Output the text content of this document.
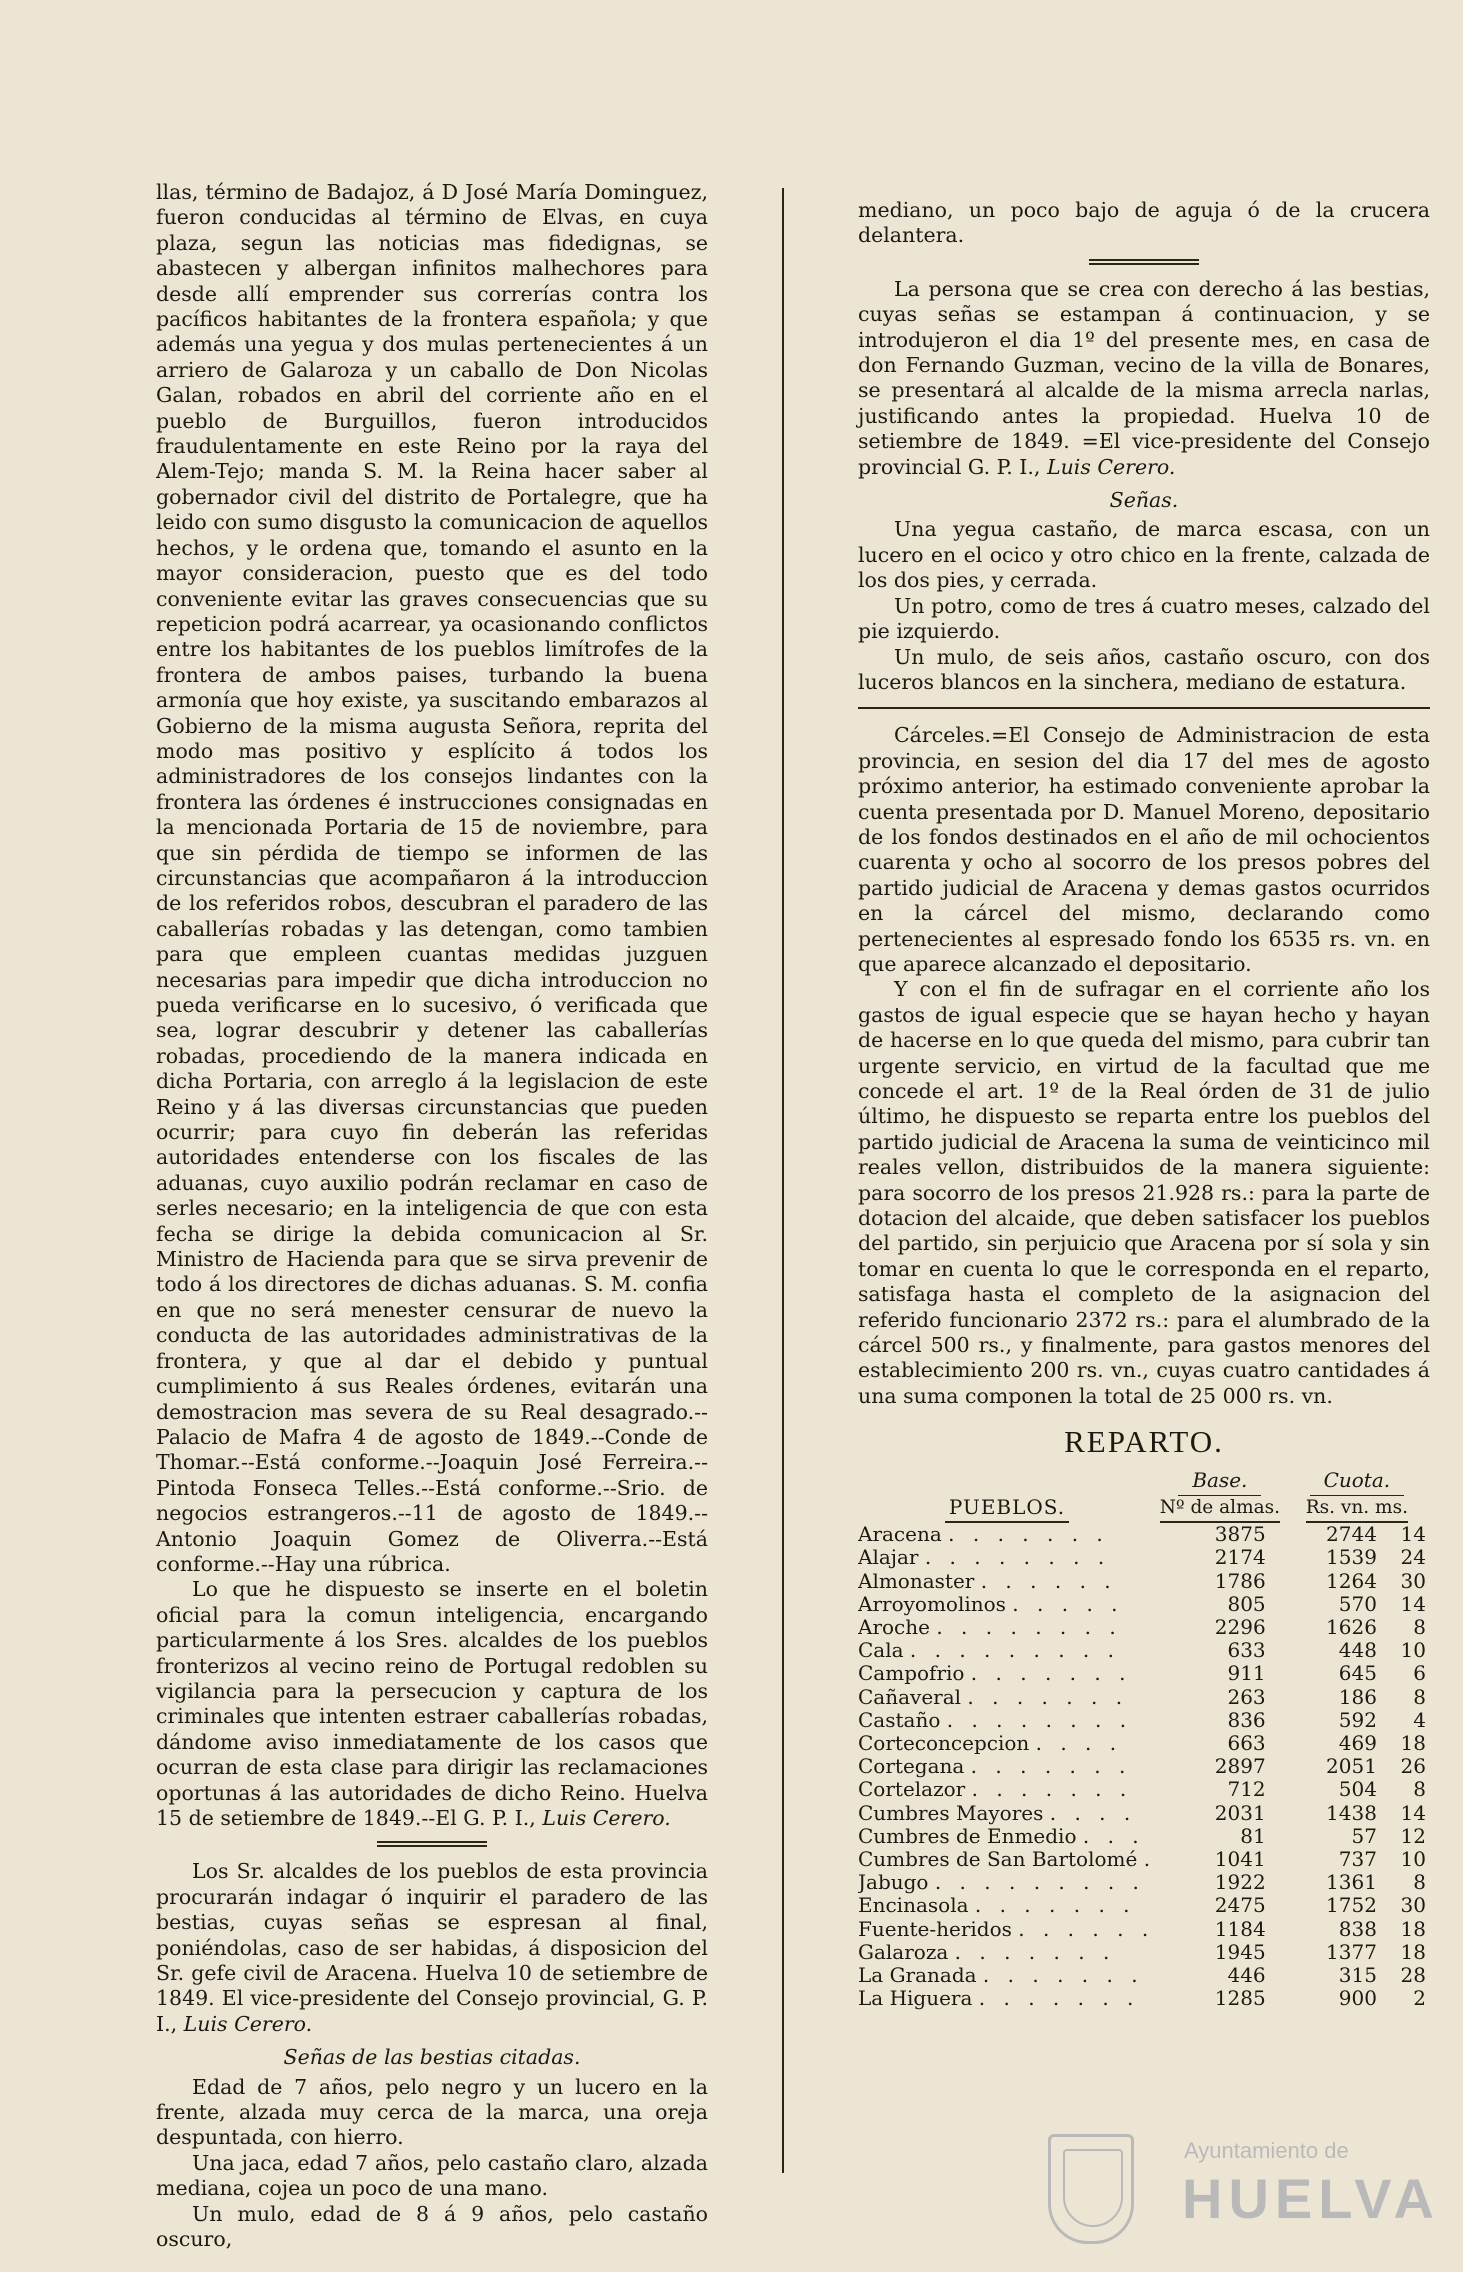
llas, término de Badajoz, á D José María Dominguez, fueron conducidas al término de Elvas, en cuya plaza, segun las noticias mas fidedignas, se abastecen y albergan infinitos malhechores para desde allí emprender sus correrías contra los pacíficos habitantes de la frontera española; y que además una yegua y dos mulas pertenecientes á un arriero de Galaroza y un caballo de Don Nicolas Galan, robados en abril del corriente año en el pueblo de Burguillos, fueron introducidos fraudulentamente en este Reino por la raya del Alem-Tejo; manda S. M. la Reina hacer saber al gobernador civil del distrito de Portalegre, que ha leido con sumo disgusto la comunicacion de aquellos hechos, y le ordena que, tomando el asunto en la mayor consideracion, puesto que es del todo conveniente evitar las graves consecuencias que su repeticion podrá acarrear, ya ocasionando conflictos entre los habitantes de los pueblos limítrofes de la frontera de ambos paises, turbando la buena armonía que hoy existe, ya suscitando embarazos al Gobierno de la misma augusta Señora, reprita del modo mas positivo y esplícito á todos los administradores de los consejos lindantes con la frontera las órdenes é instrucciones consignadas en la mencionada Portaria de 15 de noviembre, para que sin pérdida de tiempo se informen de las circunstancias que acompañaron á la introduccion de los referidos robos, descubran el paradero de las caballerías robadas y las detengan, como tambien para que empleen cuantas medidas juzguen necesarias para impedir que dicha introduccion no pueda verificarse en lo sucesivo, ó verificada que sea, lograr descubrir y detener las caballerías robadas, procediendo de la manera indicada en dicha Portaria, con arreglo á la legislacion de este Reino y á las diversas circunstancias que pueden ocurrir; para cuyo fin deberán las referidas autoridades entenderse con los fiscales de las aduanas, cuyo auxilio podrán reclamar en caso de serles necesario; en la inteligencia de que con esta fecha se dirige la debida comunicacion al Sr. Ministro de Hacienda para que se sirva prevenir de todo á los directores de dichas aduanas. S. M. confia en que no será menester censurar de nuevo la conducta de las autoridades administrativas de la frontera, y que al dar el debido y puntual cumplimiento á sus Reales órdenes, evitarán una demostracion mas severa de su Real desagrado.--Palacio de Mafra 4 de agosto de 1849.--Conde de Thomar.--Está conforme.--Joaquin José Ferreira.--Pintoda Fonseca Telles.--Está conforme.--Srio. de negocios estrangeros.--11 de agosto de 1849.--Antonio Joaquin Gomez de Oliverra.--Está conforme.--Hay una rúbrica.

Lo que he dispuesto se inserte en el boletin oficial para la comun inteligencia, encargando particularmente á los Sres. alcaldes de los pueblos fronterizos al vecino reino de Portugal redoblen su vigilancia para la persecucion y captura de los criminales que intenten estraer caballerías robadas, dándome aviso inmediatamente de los casos que ocurran de esta clase para dirigir las reclamaciones oportunas á las autoridades de dicho Reino. Huelva 15 de setiembre de 1849.--El G. P. I., Luis Cerero.

Los Sr. alcaldes de los pueblos de esta provincia procurarán indagar ó inquirir el paradero de las bestias, cuyas señas se espresan al final, poniéndolas, caso de ser habidas, á disposicion del Sr. gefe civil de Aracena. Huelva 10 de setiembre de 1849. El vice-presidente del Consejo provincial, G. P. I., Luis Cerero.

Señas de las bestias citadas.

Edad de 7 años, pelo negro y un lucero en la frente, alzada muy cerca de la marca, una oreja despuntada, con hierro.

Una jaca, edad 7 años, pelo castaño claro, alzada mediana, cojea un poco de una mano.

Un mulo, edad de 8 á 9 años, pelo castaño oscuro,

mediano, un poco bajo de aguja ó de la crucera delantera.

La persona que se crea con derecho á las bestias, cuyas señas se estampan á continuacion, y se introdujeron el dia 1º del presente mes, en casa de don Fernando Guzman, vecino de la villa de Bonares, se presentará al alcalde de la misma arrecla narlas, justificando antes la propiedad. Huelva 10 de setiembre de 1849. =El vice-presidente del Consejo provincial G. P. I., Luis Cerero.

Señas.

Una yegua castaño, de marca escasa, con un lucero en el ocico y otro chico en la frente, calzada de los dos pies, y cerrada.

Un potro, como de tres á cuatro meses, calzado del pie izquierdo.

Un mulo, de seis años, castaño oscuro, con dos luceros blancos en la sinchera, mediano de estatura.

Cárceles.=El Consejo de Administracion de esta provincia, en sesion del dia 17 del mes de agosto próximo anterior, ha estimado conveniente aprobar la cuenta presentada por D. Manuel Moreno, depositario de los fondos destinados en el año de mil ochocientos cuarenta y ocho al socorro de los presos pobres del partido judicial de Aracena y demas gastos ocurridos en la cárcel del mismo, declarando como pertenecientes al espresado fondo los 6535 rs. vn. en que aparece alcanzado el depositario.

Y con el fin de sufragar en el corriente año los gastos de igual especie que se hayan hecho y hayan de hacerse en lo que queda del mismo, para cubrir tan urgente servicio, en virtud de la facultad que me concede el art. 1º de la Real órden de 31 de julio último, he dispuesto se reparta entre los pueblos del partido judicial de Aracena la suma de veinticinco mil reales vellon, distribuidos de la manera siguiente: para socorro de los presos 21.928 rs.: para la parte de dotacion del alcaide, que deben satisfacer los pueblos del partido, sin perjuicio que Aracena por sí sola y sin tomar en cuenta lo que le corresponda en el reparto, satisfaga hasta el completo de la asignacion del referido funcionario 2372 rs.: para el alumbrado de la cárcel 500 rs., y finalmente, para gastos menores del establecimiento 200 rs. vn., cuyas cuatro cantidades á una suma componen la total de 25 000 rs. vn.

REPARTO.
	Base.	Cuota.	
PUEBLOS.	Nº de almas.	Rs. vn. ms.	
Aracena . . . . . . .	3875	2744	14
Alajar . . . . . . . .	2174	1539	24
Almonaster . . . . . .	1786	1264	30
Arroyomolinos . . . . .	805	570	14
Aroche . . . . . . . .	2296	1626	8
Cala . . . . . . . . .	633	448	10
Campofrio . . . . . . .	911	645	6
Cañaveral . . . . . . .	263	186	8
Castaño . . . . . . . .	836	592	4
Corteconcepcion . . . .	663	469	18
Cortegana . . . . . . .	2897	2051	26
Cortelazor . . . . . . .	712	504	8
Cumbres Mayores . . . .	2031	1438	14
Cumbres de Enmedio . . .	81	57	12
Cumbres de San Bartolomé .	1041	737	10
Jabugo . . . . . . . . .	1922	1361	8
Encinasola . . . . . . .	2475	1752	30
Fuente-heridos . . . . . .	1184	838	18
Galaroza . . . . . . .	1945	1377	18
La Granada . . . . . . .	446	315	28
La Higuera . . . . . . .	1285	900	2
Ayuntamiento de
HUELVA
